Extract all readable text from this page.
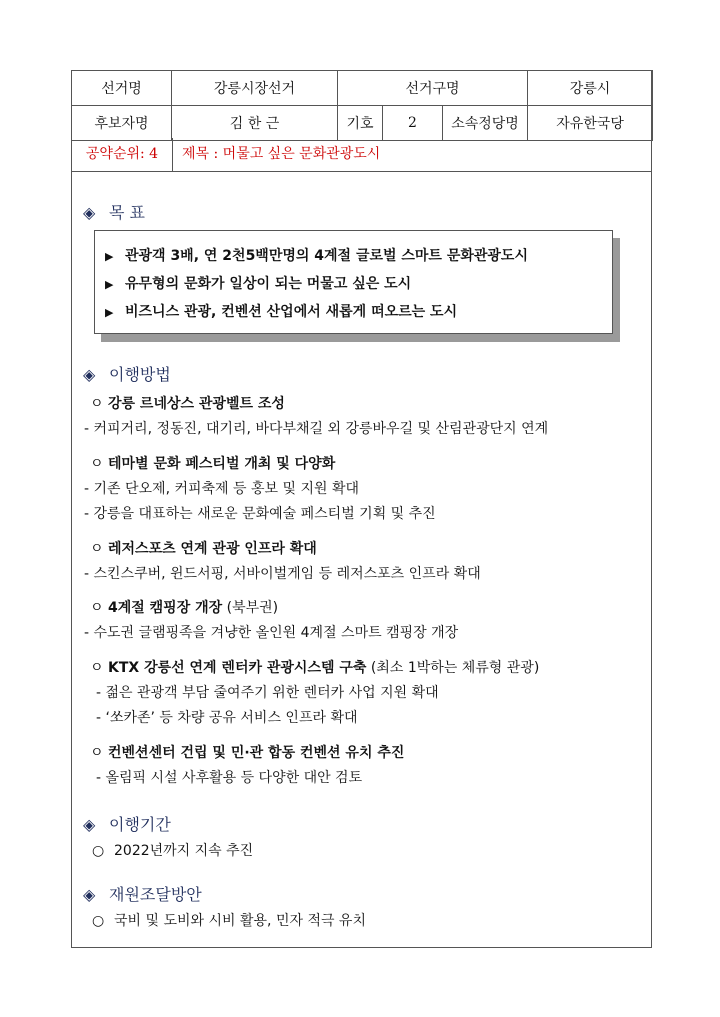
선거명	강릉시장선거	선거구명			강릉시
후보자명	김 한 근	기호	2	소속정당명	자유한국당
공약순위: 4	제목 : 머물고 싶은 문화관광도시
◈ 목 표
▶ 관광객 3배, 연 2천5백만명의 4계절 글로벌 스마트 문화관광도시
▶ 유무형의 문화가 일상이 되는 머물고 싶은 도시
▶ 비즈니스 관광, 컨벤션 산업에서 새롭게 떠오르는 도시
◈ 이행방법
ㅇ 강릉 르네상스 관광벨트 조성
- 커피거리, 정동진, 대기리, 바다부채길 외 강릉바우길 및 산림관광단지 연계
ㅇ 테마별 문화 페스티벌 개최 및 다양화
- 기존 단오제, 커피축제 등 홍보 및 지원 확대
- 강릉을 대표하는 새로운 문화예술 페스티벌 기획 및 추진
ㅇ 레저스포츠 연계 관광 인프라 확대
- 스킨스쿠버, 윈드서핑, 서바이벌게임 등 레저스포츠 인프라 확대
ㅇ 4계절 캠핑장 개장 (북부권)
- 수도권 글램핑족을 겨냥한 올인원 4계절 스마트 캠핑장 개장
ㅇ KTX 강릉선 연계 렌터카 관광시스템 구축 (최소 1박하는 체류형 관광)
- 젊은 관광객 부담 줄여주기 위한 렌터카 사업 지원 확대
- ‘쏘카존’ 등 차량 공유 서비스 인프라 확대
ㅇ 컨벤션센터 건립 및 민·관 합동 컨벤션 유치 추진
- 올림픽 시설 사후활용 등 다양한 대안 검토
◈ 이행기간
○ 2022년까지 지속 추진
◈ 재원조달방안
○ 국비 및 도비와 시비 활용, 민자 적극 유치
